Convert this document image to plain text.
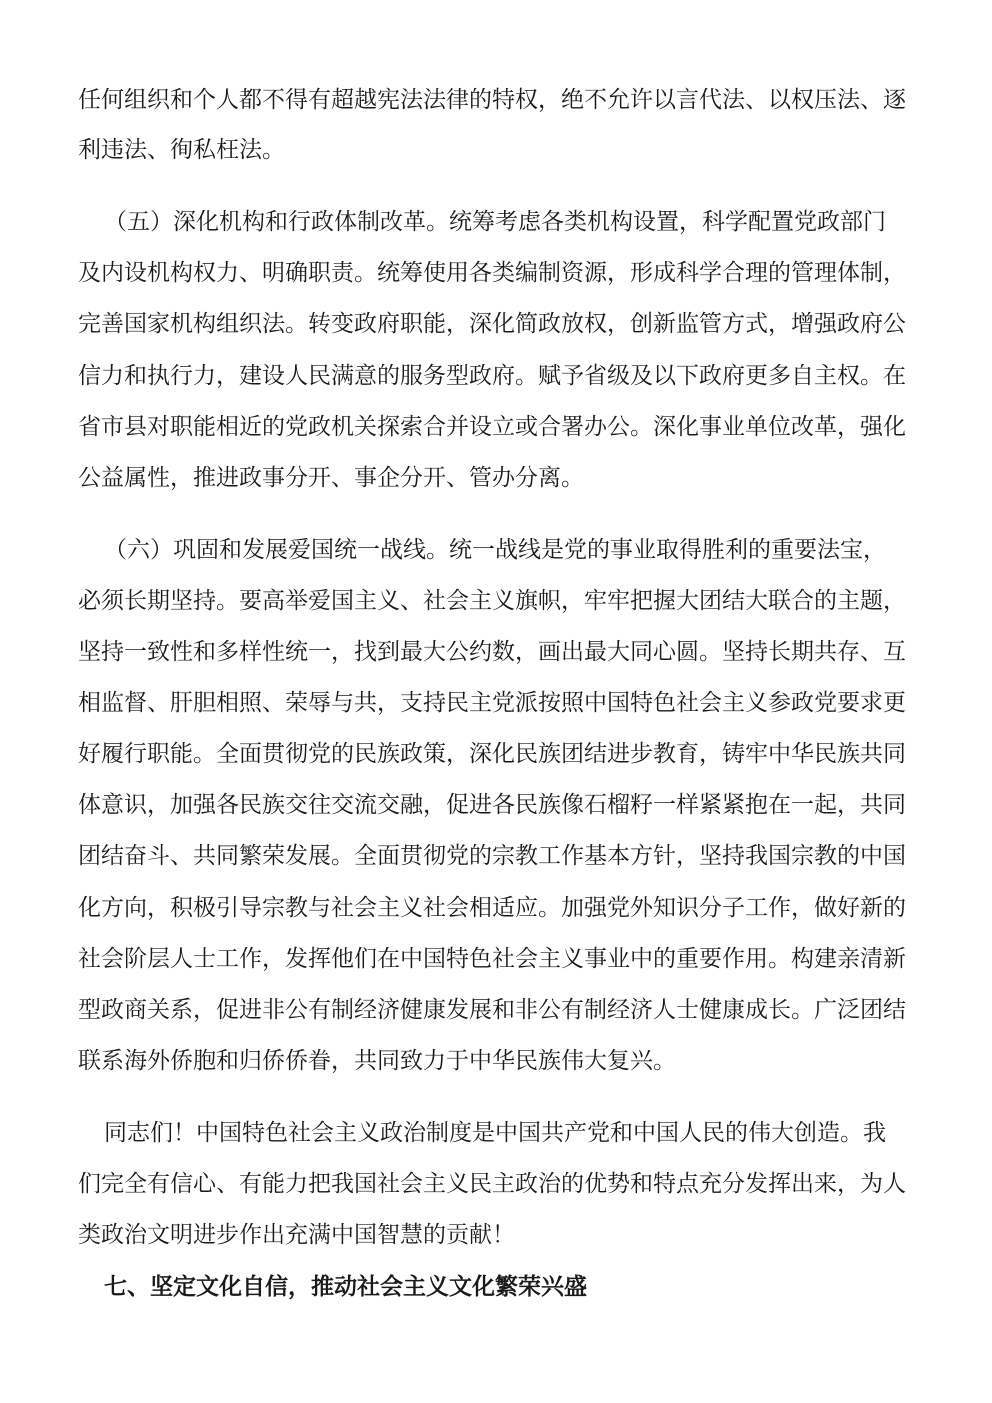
任何组织和个人都不得有超越宪法法律的特权，绝不允许以言代法、以权压法、逐
利违法、徇私枉法。
（五）深化机构和行政体制改革。统筹考虑各类机构设置，科学配置党政部门
及内设机构权力、明确职责。统筹使用各类编制资源，形成科学合理的管理体制，
完善国家机构组织法。转变政府职能，深化简政放权，创新监管方式，增强政府公
信力和执行力，建设人民满意的服务型政府。赋予省级及以下政府更多自主权。在
省市县对职能相近的党政机关探索合并设立或合署办公。深化事业单位改革，强化
公益属性，推进政事分开、事企分开、管办分离。
（六）巩固和发展爱国统一战线。统一战线是党的事业取得胜利的重要法宝，
必须长期坚持。要高举爱国主义、社会主义旗帜，牢牢把握大团结大联合的主题，
坚持一致性和多样性统一，找到最大公约数，画出最大同心圆。坚持长期共存、互
相监督、肝胆相照、荣辱与共，支持民主党派按照中国特色社会主义参政党要求更
好履行职能。全面贯彻党的民族政策，深化民族团结进步教育，铸牢中华民族共同
体意识，加强各民族交往交流交融，促进各民族像石榴籽一样紧紧抱在一起，共同
团结奋斗、共同繁荣发展。全面贯彻党的宗教工作基本方针，坚持我国宗教的中国
化方向，积极引导宗教与社会主义社会相适应。加强党外知识分子工作，做好新的
社会阶层人士工作，发挥他们在中国特色社会主义事业中的重要作用。构建亲清新
型政商关系，促进非公有制经济健康发展和非公有制经济人士健康成长。广泛团结
联系海外侨胞和归侨侨眷，共同致力于中华民族伟大复兴。
同志们！中国特色社会主义政治制度是中国共产党和中国人民的伟大创造。我
们完全有信心、有能力把我国社会主义民主政治的优势和特点充分发挥出来，为人
类政治文明进步作出充满中国智慧的贡献！
七、坚定文化自信，推动社会主义文化繁荣兴盛
